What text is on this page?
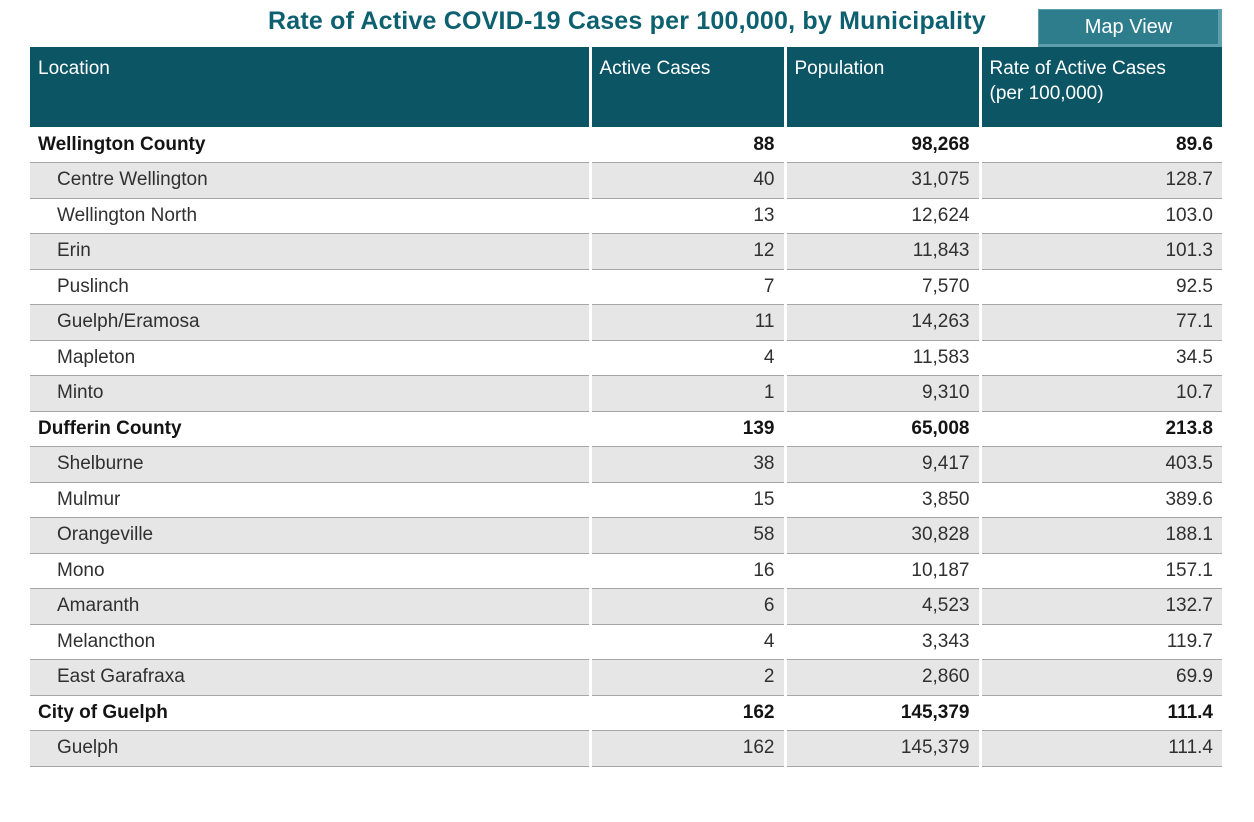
Rate of Active COVID-19 Cases per 100,000, by Municipality	Map View
Location	Active Cases	Population	Rate of Active Cases (per 100,000)

Wellington County	88	98,268	89.6
Centre Wellington	40	31,075	128.7
Wellington North	13	12,624	103.0
Erin	12	11,843	101.3
Puslinch	7	7,570	92.5
Guelph/Eramosa	11	14,263	77.1
Mapleton	4	11,583	34.5
Minto	1	9,310	10.7
Dufferin County	139	65,008	213.8
Shelburne	38	9,417	403.5
Mulmur	15	3,850	389.6
Orangeville	58	30,828	188.1
Mono	16	10,187	157.1
Amaranth	6	4,523	132.7
Melancthon	4	3,343	119.7
East Garafraxa	2	2,860	69.9
City of Guelph	162	145,379	111.4
Guelph	162	145,379	111.4
